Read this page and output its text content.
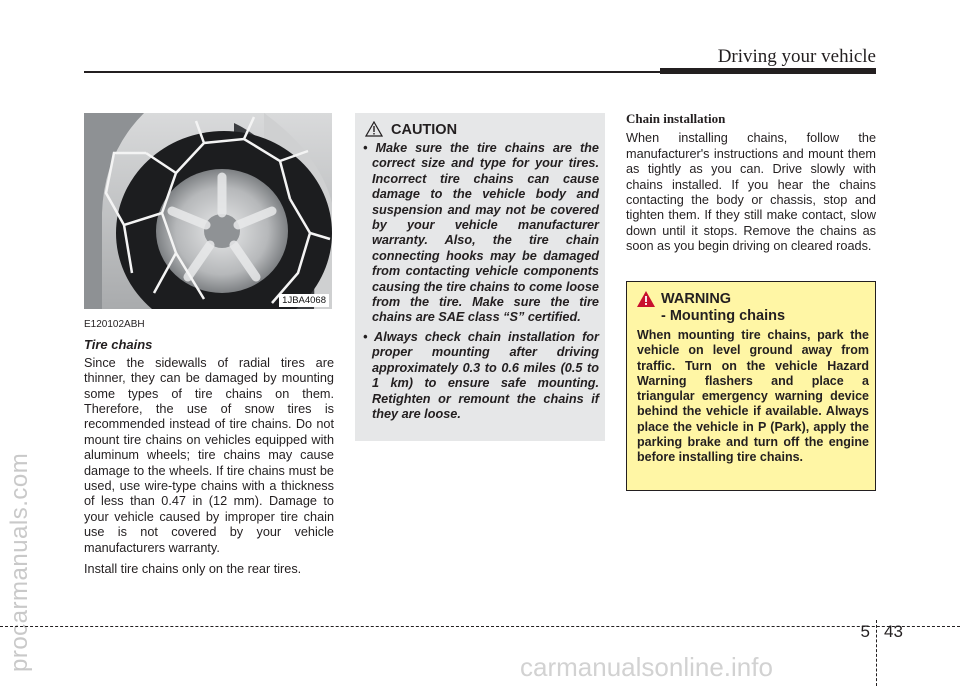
Driving your vehicle
procarmanuals.com
1JBA4068
E120102ABH
Tire chains
Since the sidewalls of radial tires are thinner, they can be damaged by mounting some types of tire chains on them. Therefore, the use of snow tires is recommended instead of tire chains. Do not mount tire chains on vehicles equipped with aluminum wheels; tire chains may cause damage to the wheels. If tire chains must be used, use wire-type chains with a thickness of less than 0.47 in (12 mm). Damage to your vehicle caused by improper tire chain use is not covered by your vehicle manufacturers warranty.
Install tire chains only on the rear tires.
CAUTION
• Make sure the tire chains are the correct size and type for your tires. Incorrect tire chains can cause damage to the vehicle body and suspension and may not be covered by your vehicle manufacturer warranty. Also, the tire chain connecting hooks may be damaged from contacting vehicle components causing the tire chains to come loose from the tire. Make sure the tire chains are SAE class “S” certified.
• Always check chain installation for proper mounting after driving approximately 0.3 to 0.6 miles (0.5 to 1 km) to ensure safe mounting. Retighten or remount the chains if they are loose.
Chain installation
When installing chains, follow the manufacturer's instructions and mount them as tightly as you can. Drive slowly with chains installed. If you hear the chains contacting the body or chassis, stop and tighten them. If they still make contact, slow down until it stops. Remove the chains as soon as you begin driving on cleared roads.
WARNING
- Mounting chains
When mounting tire chains, park the vehicle on level ground away from traffic. Turn on the vehicle Hazard Warning flashers and place a triangular emergency warning device behind the vehicle if available. Always place the vehicle in P (Park), apply the parking brake and turn off the engine before installing tire chains.
5 43
carmanualsonline.info
